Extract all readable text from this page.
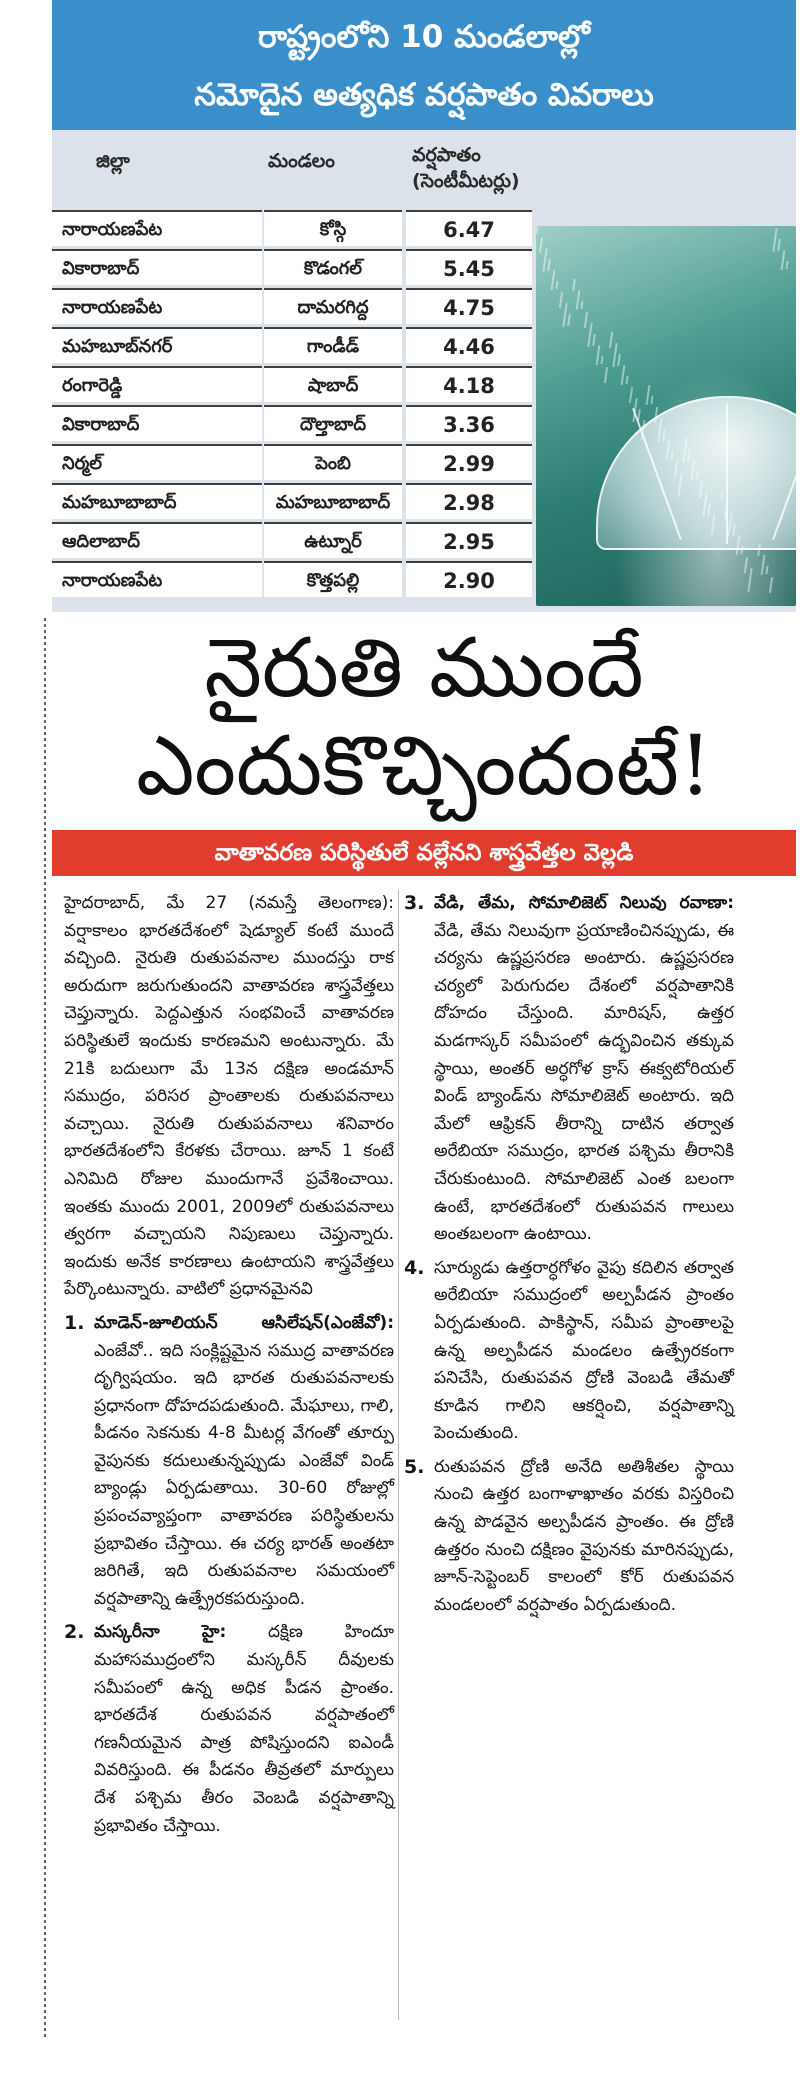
రాష్ట్రంలోని 10 మండలాల్లో
నమోదైన అత్యధిక వర్షపాతం వివరాలు
జిల్లా	మండలం	వర్షపాతం
(సెంటీమీటర్లు)
నారాయణపేట	కోస్గి	6.47
వికారాబాద్	కొడంగల్	5.45
నారాయణపేట	దామరగిద్ద	4.75
మహబూబ్‌నగర్	గాండీడ్	4.46
రంగారెడ్డి	షాబాద్	4.18
వికారాబాద్	దౌల్తాబాద్	3.36
నిర్మల్	పెంబి	2.99
మహబూబాబాద్	మహబూబాబాద్	2.98
ఆదిలాబాద్	ఉట్నూర్	2.95
నారాయణపేట	కొత్తపల్లి	2.90
నైరుతి ముందే
ఎందుకొచ్చిందంటే!
వాతావరణ పరిస్థితులే వల్లేనని శాస్త్రవేత్తల వెల్లడి

హైదరాబాద్, మే 27 (నమస్తే తెలంగాణ): వర్షాకాలం భారతదేశంలో షెడ్యూల్ కంటే ముందే వచ్చింది. నైరుతి రుతుపవనాల ముందస్తు రాక అరుదుగా జరుగుతుందని వాతావరణ శాస్త్రవేత్తలు చెప్తున్నారు. పెద్దఎత్తున సంభవించే వాతావరణ పరిస్థితులే ఇందుకు కారణమని అంటున్నారు. మే 21కి బదులుగా మే 13న దక్షిణ అండమాన్ సముద్రం, పరిసర ప్రాంతాలకు రుతుపవనాలు వచ్చాయి. నైరుతి రుతుపవనాలు శనివారం భారతదేశంలోని కేరళకు చేరాయి. జూన్ 1 కంటే ఎనిమిది రోజుల ముందుగానే ప్రవేశించాయి. ఇంతకు ముందు 2001, 2009లో రుతుపవనాలు త్వరగా వచ్చాయని నిపుణులు చెప్తున్నారు. ఇందుకు అనేక కారణాలు ఉంటాయని శాస్త్రవేత్తలు పేర్కొంటున్నారు. వాటిలో ప్రధానమైనవి

1. మాడెన్-జూలియన్ ఆసిలేషన్(ఎంజేవో): ఎంజేవో.. ఇది సంక్లిష్టమైన సముద్ర వాతావరణ దృగ్విషయం. ఇది భారత రుతుపవనాలకు ప్రధానంగా దోహదపడుతుంది. మేఘాలు, గాలి, పీడనం సెకనుకు 4-8 మీటర్ల వేగంతో తూర్పు వైపునకు కదులుతున్నప్పుడు ఎంజేవో విండ్ బ్యాండ్లు ఏర్పడుతాయి. 30-60 రోజుల్లో ప్రపంచవ్యాప్తంగా వాతావరణ పరిస్థితులను ప్రభావితం చేస్తాయి. ఈ చర్య భారత్ అంతటా జరిగితే, ఇది రుతుపవనాల సమయంలో వర్షపాతాన్ని ఉత్ప్రేరకపరుస్తుంది.
2. మస్కరీనా హై: దక్షిణ హిందూ మహాసముద్రంలోని మస్కరీన్ దీవులకు సమీపంలో ఉన్న అధిక పీడన ప్రాంతం. భారతదేశ రుతుపవన వర్షపాతంలో గణనీయమైన పాత్ర పోషిస్తుందని ఐఎండీ వివరిస్తుంది. ఈ పీడనం తీవ్రతలో మార్పులు దేశ పశ్చిమ తీరం వెంబడి వర్షపాతాన్ని ప్రభావితం చేస్తాయి.
3. వేడి, తేమ, సోమాలిజెట్ నిలువు రవాణా: వేడి, తేమ నిలువుగా ప్రయాణించినప్పుడు, ఈ చర్యను ఉష్ణప్రసరణ అంటారు. ఉష్ణప్రసరణ చర్యలో పెరుగుదల దేశంలో వర్షపాతానికి దోహదం చేస్తుంది. మారిషస్, ఉత్తర మడగాస్కర్ సమీపంలో ఉద్భవించిన తక్కువ స్థాయి, అంతర్ అర్ధగోళ క్రాస్ ఈక్వటోరియల్ విండ్ బ్యాండ్‌ను సోమాలిజెట్ అంటారు. ఇది మేలో ఆఫ్రికన్ తీరాన్ని దాటిన తర్వాత అరేబియా సముద్రం, భారత పశ్చిమ తీరానికి చేరుకుంటుంది. సోమాలిజెట్ ఎంత బలంగా ఉంటే, భారతదేశంలో రుతుపవన గాలులు అంతబలంగా ఉంటాయి.
4. సూర్యుడు ఉత్తరార్ధగోళం వైపు కదిలిన తర్వాత అరేబియా సముద్రంలో అల్పపీడన ప్రాంతం ఏర్పడుతుంది. పాకిస్థాన్, సమీప ప్రాంతాలపై ఉన్న అల్పపీడన మండలం ఉత్ప్రేరకంగా పనిచేసి, రుతుపవన ద్రోణి వెంబడి తేమతో కూడిన గాలిని ఆకర్షించి, వర్షపాతాన్ని పెంచుతుంది.
5. రుతుపవన ద్రోణి అనేది అతిశీతల స్థాయి నుంచి ఉత్తర బంగాళాఖాతం వరకు విస్తరించి ఉన్న పొడవైన అల్పపీడన ప్రాంతం. ఈ ద్రోణి ఉత్తరం నుంచి దక్షిణం వైపునకు మారినప్పుడు, జూన్-సెప్టెంబర్ కాలంలో కోర్ రుతుపవన మండలంలో వర్షపాతం ఏర్పడుతుంది.
